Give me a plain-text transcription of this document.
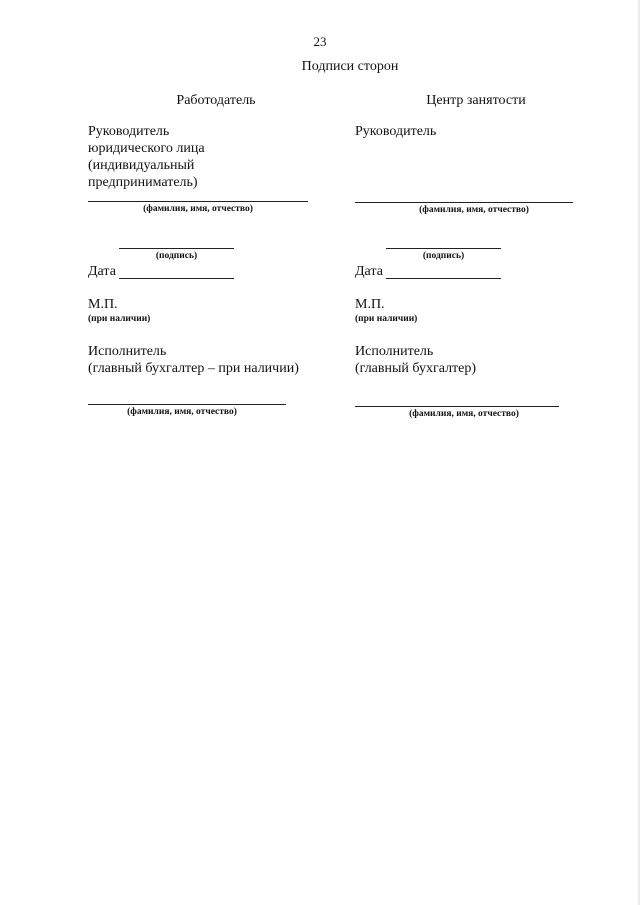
23
Подписи сторон
Работодатель
Руководитель
юридического лица
(индивидуальный
предприниматель)
(фамилия, имя, отчество)
(подпись)
Дата
М.П.
(при наличии)
Исполнитель
(главный бухгалтер – при наличии)
(фамилия, имя, отчество)
Центр занятости
Руководитель
(фамилия, имя, отчество)
(подпись)
Дата
М.П.
(при наличии)
Исполнитель
(главный бухгалтер)
(фамилия, имя, отчество)
